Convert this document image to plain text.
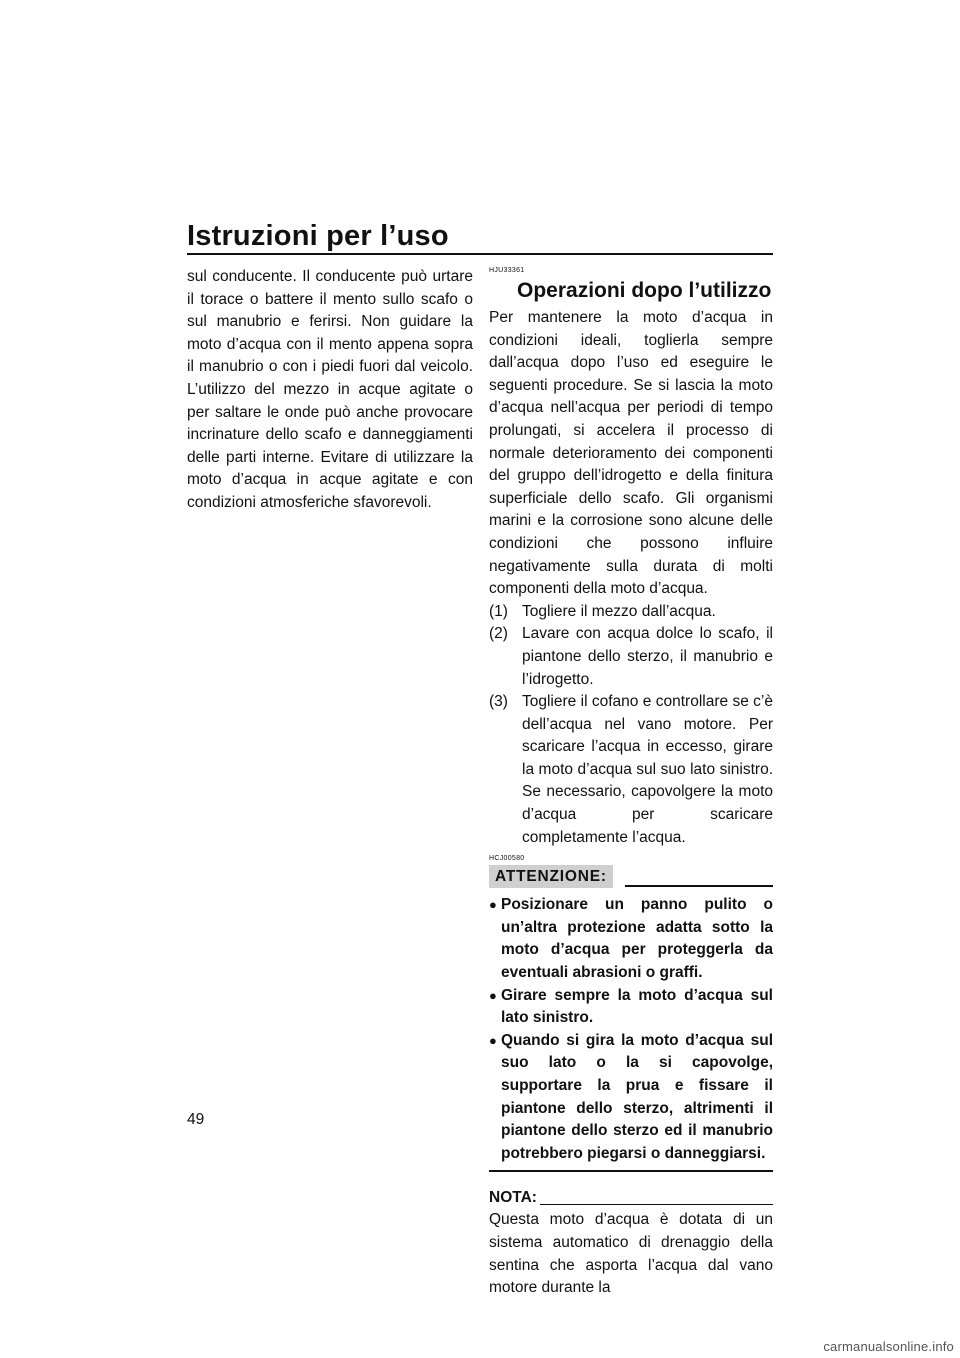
Istruzioni per l’uso

sul conducente. Il conducente può urtare il torace o battere il mento sullo scafo o sul manubrio e ferirsi. Non guidare la moto d’acqua con il mento appena sopra il manubrio o con i piedi fuori dal veicolo. L’utilizzo del mezzo in acque agitate o per saltare le onde può anche provocare incrinature dello scafo e danneggiamenti delle parti interne. Evitare di utilizzare la moto d’acqua in acque agitate e con condizioni atmosferiche sfavorevoli.

HJU33361
Operazioni dopo l’utilizzo

Per mantenere la moto d’acqua in condizioni ideali, toglierla sempre dall’acqua dopo l’uso ed eseguire le seguenti procedure. Se si lascia la moto d’acqua nell’acqua per periodi di tempo prolungati, si accelera il processo di normale deterioramento dei componenti del gruppo dell’idrogetto e della finitura superficiale dello scafo. Gli organismi marini e la corrosione sono alcune delle condizioni che possono influire negativamente sulla durata di molti componenti della moto d’acqua.

(1) Togliere il mezzo dall’acqua.
(2) Lavare con acqua dolce lo scafo, il piantone dello sterzo, il manubrio e l’idrogetto.
(3) Togliere il cofano e controllare se c’è dell’acqua nel vano motore. Per scaricare l’acqua in eccesso, girare la moto d’acqua sul suo lato sinistro. Se necessario, capovolgere la moto d’acqua per scaricare completamente l’acqua.
HCJ00580
ATTENZIONE:
● Posizionare un panno pulito o un’altra protezione adatta sotto la moto d’acqua per proteggerla da eventuali abrasioni o graffi.
● Girare sempre la moto d’acqua sul lato sinistro.
● Quando si gira la moto d’acqua sul suo lato o la si capovolge, supportare la prua e fissare il piantone dello sterzo, altrimenti il piantone dello sterzo ed il manubrio potrebbero piegarsi o danneggiarsi.
NOTA:

Questa moto d’acqua è dotata di un sistema automatico di drenaggio della sentina che asporta l’acqua dal vano motore durante la

49
carmanualsonline.info
